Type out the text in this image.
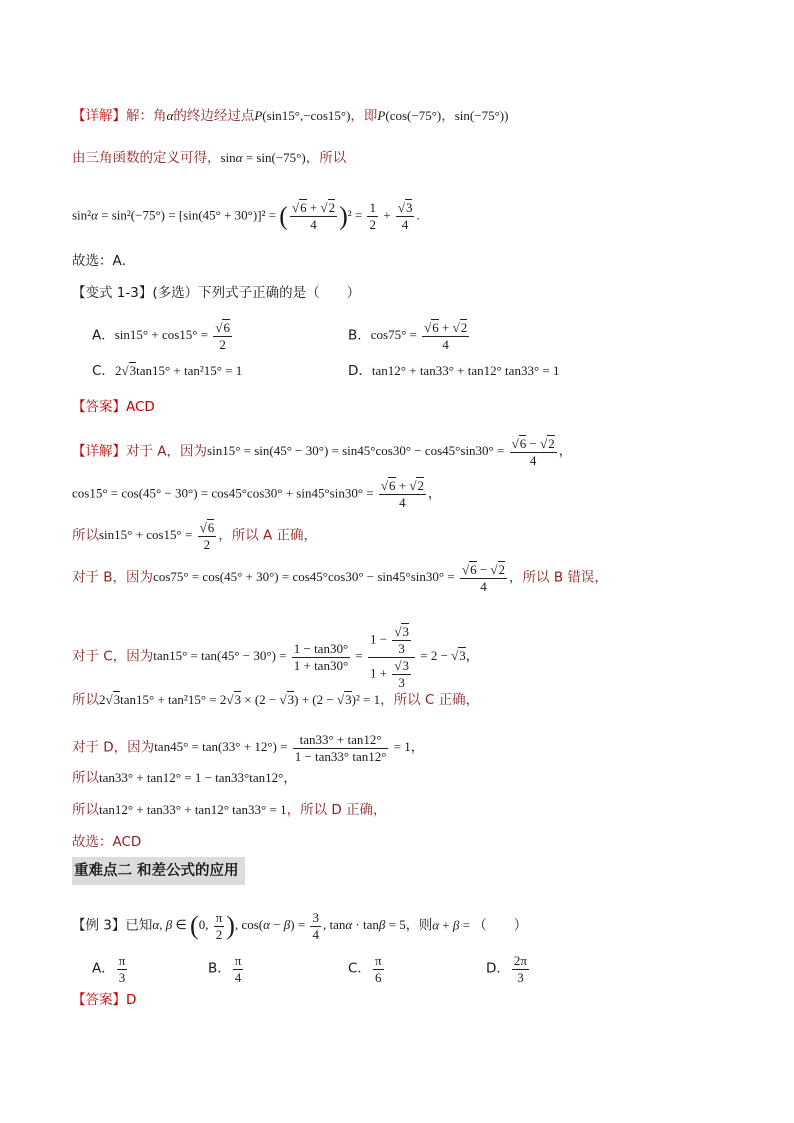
【详解】解：角α的终边经过点P(sin15°,−cos15°)，即P(cos(−75°)，sin(−75°))
由三角函数的定义可得，sinα = sin(−75°)，所以
sin²α = sin²(−75°) = [sin(45° + 30°)]² = ( $\frac{√6 + √2}{4} )^2 = \frac{1}{2} + \frac{√3}{4}$ .
故选：A．
【变式 1-3】(多选）下列式子正确的是（　　）
A．$\sin 15^\circ + \cos 15^\circ = \frac{√6}{2}$	B．$\cos 75^\circ = \frac{√6 + √2}{4}$
C．2√3tan15° + tan²15° = 1	D．tan12° + tan33° + tan12° tan33° = 1
【答案】ACD
【详解】对于 A，因为$\sin 15^\circ = \sin(45^\circ - 30^\circ) = \sin 45^\circ\cos 30^\circ - \cos 45^\circ\sin 30^\circ = \frac{√6 - √2}{4}$ ，
$\cos 15^\circ = \cos(45^\circ - 30^\circ) = \cos 45^\circ\cos 30^\circ + \sin 45^\circ\sin 30^\circ = \frac{√6 + √2}{4}$ ，
所以$\sin 15^\circ + \cos 15^\circ = \frac{√6}{2}$ ，所以 A 正确，
对于 B，因为$\cos 75^\circ = \cos(45^\circ + 30^\circ) = \cos 45^\circ\cos 30^\circ - \sin 45^\circ\sin 30^\circ = \frac{√6 - √2}{4}$ ，所以 B 错误，
对于 C，因为$\tan 15^\circ = \tan(45^\circ - 30^\circ) = \frac{1 - \tan 30^\circ}{1 + \tan 30^\circ} = \frac{1 - \frac{√3}{3}}{1 + \frac{√3}{3}} = 2 - √3$，
所以2√3tan15° + tan²15° = 2√3 × (2 − √3) + (2 − √3)² = 1，所以 C 正确，
对于 D，因为$\tan 45^\circ = \tan(33^\circ + 12^\circ) = \frac{\tan 33^\circ + \tan 12^\circ}{1 - \tan 33^\circ \tan 12^\circ} = 1$，
所以tan33° + tan12° = 1 − tan33°tan12°，
所以tan12° + tan33° + tan12° tan33° = 1，所以 D 正确，
故选：ACD
重难点二 和差公式的应用
【例 3】已知α, β ∈ (0, $\frac{\pi}{2}$ ), $\cos(\alpha - \beta) = \frac{3}{4}$ , tanα · tanβ = 5，则α + β = （　　）
A． $\frac{\pi}{3}$	B． $\frac{\pi}{4}$	C． $\frac{\pi}{6}$	D． $\frac{2\pi}{3}$
【答案】D
